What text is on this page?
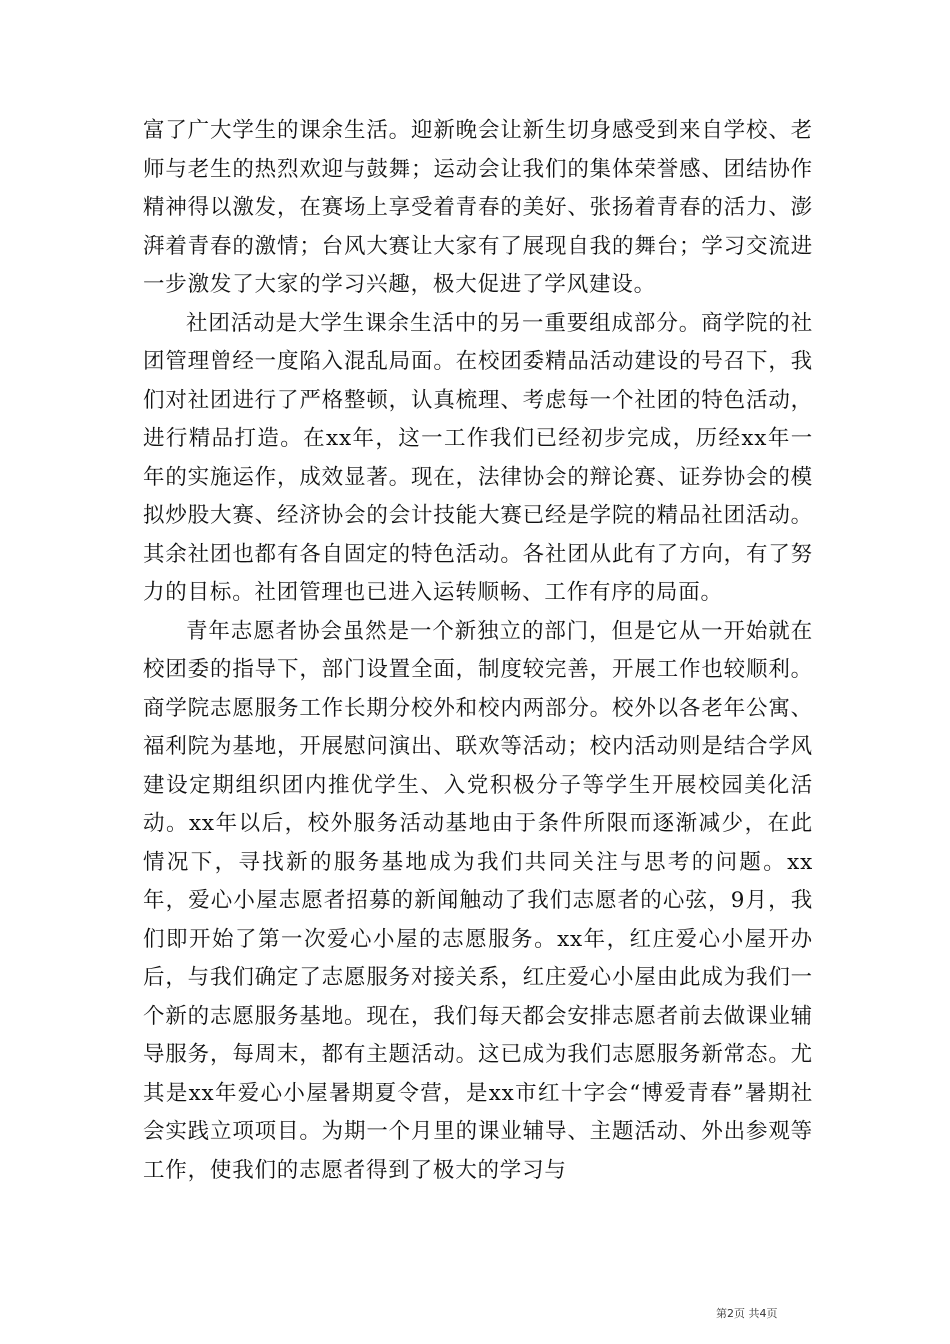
富了广大学生的课余生活。迎新晚会让新生切身感受到来自学校、老师与老生的热烈欢迎与鼓舞；运动会让我们的集体荣誉感、团结协作精神得以激发，在赛场上享受着青春的美好、张扬着青春的活力、澎湃着青春的激情；台风大赛让大家有了展现自我的舞台；学习交流进一步激发了大家的学习兴趣，极大促进了学风建设。

社团活动是大学生课余生活中的另一重要组成部分。商学院的社团管理曾经一度陷入混乱局面。在校团委精品活动建设的号召下，我们对社团进行了严格整顿，认真梳理、考虑每一个社团的特色活动，进行精品打造。在xx年，这一工作我们已经初步完成，历经xx年一年的实施运作，成效显著。现在，法律协会的辩论赛、证券协会的模拟炒股大赛、经济协会的会计技能大赛已经是学院的精品社团活动。其余社团也都有各自固定的特色活动。各社团从此有了方向，有了努力的目标。社团管理也已进入运转顺畅、工作有序的局面。

青年志愿者协会虽然是一个新独立的部门，但是它从一开始就在校团委的指导下，部门设置全面，制度较完善，开展工作也较顺利。商学院志愿服务工作长期分校外和校内两部分。校外以各老年公寓、福利院为基地，开展慰问演出、联欢等活动；校内活动则是结合学风建设定期组织团内推优学生、入党积极分子等学生开展校园美化活动。xx年以后，校外服务活动基地由于条件所限而逐渐减少，在此情况下，寻找新的服务基地成为我们共同关注与思考的问题。xx年，爱心小屋志愿者招募的新闻触动了我们志愿者的心弦，9月，我们即开始了第一次爱心小屋的志愿服务。xx年，红庄爱心小屋开办后，与我们确定了志愿服务对接关系，红庄爱心小屋由此成为我们一个新的志愿服务基地。现在，我们每天都会安排志愿者前去做课业辅导服务，每周末，都有主题活动。这已成为我们志愿服务新常态。尤其是xx年爱心小屋暑期夏令营，是xx市红十字会“博爱青春”暑期社会实践立项项目。为期一个月里的课业辅导、主题活动、外出参观等工作，使我们的志愿者得到了极大的学习与

第2页 共4页
